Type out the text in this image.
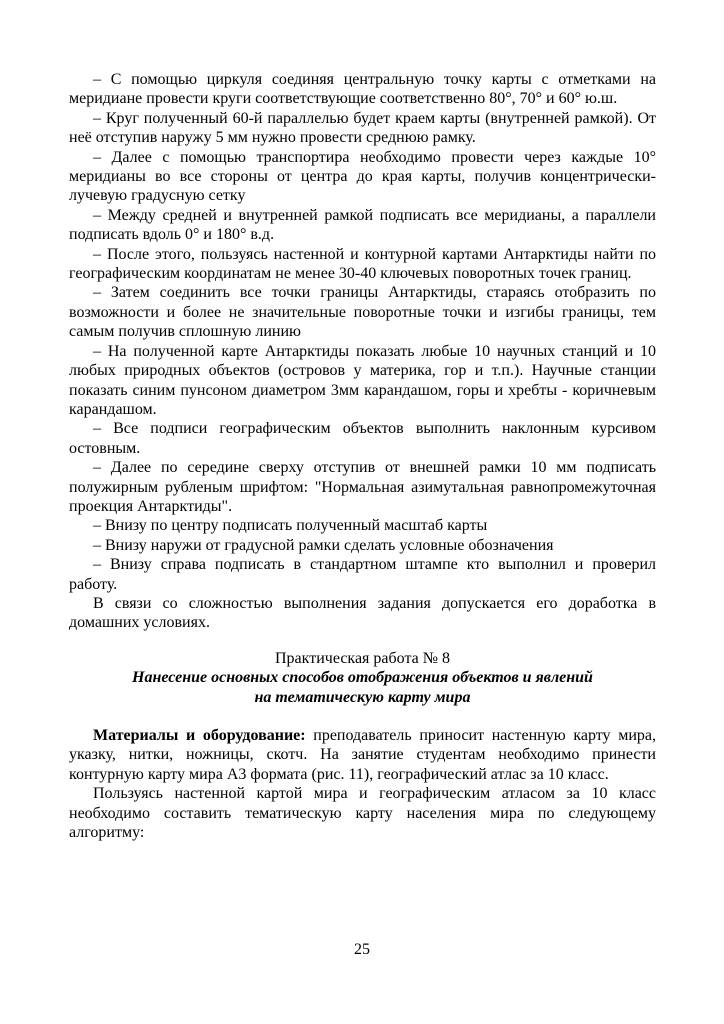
– С помощью циркуля соединяя центральную точку карты с отметками на меридиане провести круги соответствующие соответственно 80°, 70° и 60° ю.ш.

– Круг полученный 60-й параллелью будет краем карты (внутренней рамкой). От неё отступив наружу 5 мм нужно провести среднюю рамку.

– Далее с помощью транспортира необходимо провести через каждые 10° меридианы во все стороны от центра до края карты, получив концентрически-лучевую градусную сетку

– Между средней и внутренней рамкой подписать все меридианы, а параллели подписать вдоль 0° и 180° в.д.

– После этого, пользуясь настенной и контурной картами Антарктиды найти по географическим координатам не менее 30-40 ключевых поворотных точек границ.

– Затем соединить все точки границы Антарктиды, стараясь отобразить по возможности и более не значительные поворотные точки и изгибы границы, тем самым получив сплошную линию

– На полученной карте Антарктиды показать любые 10 научных станций и 10 любых природных объектов (островов у материка, гор и т.п.). Научные станции показать синим пунсоном диаметром 3мм карандашом, горы и хребты - коричневым карандашом.

– Все подписи географическим объектов выполнить наклонным курсивом остовным.

– Далее по середине сверху отступив от внешней рамки 10 мм подписать полужирным рубленым шрифтом: "Нормальная азимутальная равнопромежуточная проекция Антарктиды".

– Внизу по центру подписать полученный масштаб карты

– Внизу наружи от градусной рамки сделать условные обозначения

– Внизу справа подписать в стандартном штампе кто выполнил и проверил работу.

В связи со сложностью выполнения задания допускается его доработка в домашних условиях.

Практическая работа № 8

Нанесение основных способов отображения объектов и явлений

на тематическую карту мира

Материалы и оборудование: преподаватель приносит настенную карту мира, указку, нитки, ножницы, скотч. На занятие студентам необходимо принести контурную карту мира А3 формата (рис. 11), географический атлас за 10 класс.

Пользуясь настенной картой мира и географическим атласом за 10 класс необходимо составить тематическую карту населения мира по следующему алгоритму:

25
